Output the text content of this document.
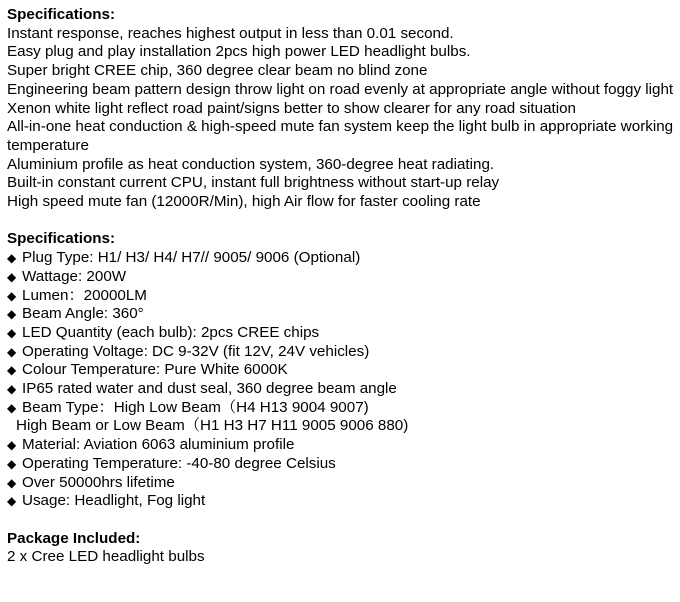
Specifications:
Instant response, reaches highest output in less than 0.01 second.
Easy plug and play installation 2pcs high power LED headlight bulbs.
Super bright CREE chip, 360 degree clear beam no blind zone
Engineering beam pattern design throw light on road evenly at appropriate angle without foggy light
Xenon white light reflect road paint/signs better to show clearer for any road situation
All-in-one heat conduction & high-speed mute fan system keep the light bulb in appropriate working temperature
Aluminium profile as heat conduction system, 360-degree heat radiating.
Built-in constant current CPU, instant full brightness without start-up relay
High speed mute fan (12000R/Min), high Air flow for faster cooling rate
Specifications:
◆ Plug Type: H1/ H3/ H4/ H7// 9005/ 9006 (Optional)
◆ Wattage: 200W
◆ Lumen：20000LM
◆ Beam Angle: 360°
◆ LED Quantity (each bulb): 2pcs CREE chips
◆ Operating Voltage: DC 9-32V (fit 12V, 24V vehicles)
◆ Colour Temperature: Pure White 6000K
◆ IP65 rated water and dust seal, 360 degree beam angle
◆ Beam Type：High Low Beam（H4 H13 9004 9007)
High Beam or Low Beam（H1 H3 H7 H11 9005 9006 880)
◆ Material: Aviation 6063 aluminium profile
◆ Operating Temperature: -40-80 degree Celsius
◆ Over 50000hrs lifetime
◆ Usage: Headlight, Fog light
Package Included:
2 x Cree LED headlight bulbs
